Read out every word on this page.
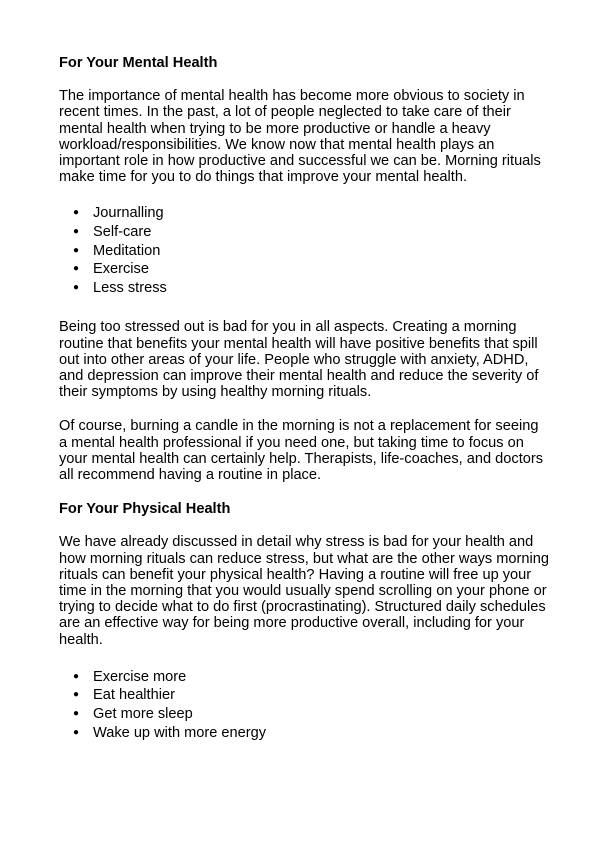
For Your Mental Health

The importance of mental health has become more obvious to society in recent times. In the past, a lot of people neglected to take care of their mental health when trying to be more productive or handle a heavy workload/responsibilities. We know now that mental health plays an important role in how productive and successful we can be. Morning rituals make time for you to do things that improve your mental health.

● Journalling
● Self-care
● Meditation
● Exercise
● Less stress

Being too stressed out is bad for you in all aspects. Creating a morning routine that benefits your mental health will have positive benefits that spill out into other areas of your life. People who struggle with anxiety, ADHD, and depression can improve their mental health and reduce the severity of their symptoms by using healthy morning rituals.

Of course, burning a candle in the morning is not a replacement for seeing a mental health professional if you need one, but taking time to focus on your mental health can certainly help. Therapists, life-coaches, and doctors all recommend having a routine in place.

For Your Physical Health

We have already discussed in detail why stress is bad for your health and how morning rituals can reduce stress, but what are the other ways morning rituals can benefit your physical health? Having a routine will free up your time in the morning that you would usually spend scrolling on your phone or trying to decide what to do first (procrastinating). Structured daily schedules are an effective way for being more productive overall, including for your health.

● Exercise more
● Eat healthier
● Get more sleep
● Wake up with more energy
